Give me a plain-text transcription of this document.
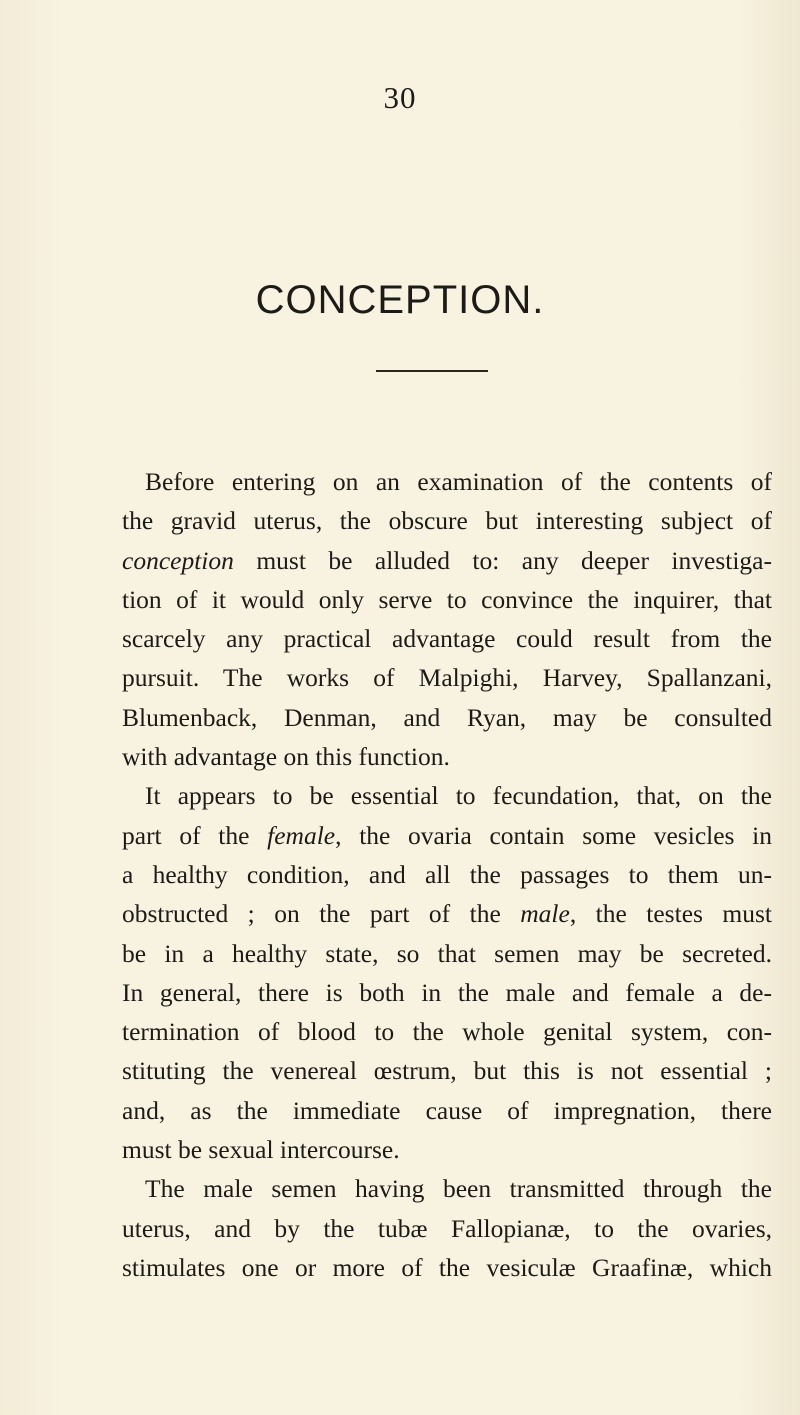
30
CONCEPTION.
Before entering on an examination of the contents of
the gravid uterus, the obscure but interesting subject of
conception must be alluded to: any deeper investiga-
tion of it would only serve to convince the inquirer, that
scarcely any practical advantage could result from the
pursuit. The works of Malpighi, Harvey, Spallanzani,
Blumenback, Denman, and Ryan, may be consulted
with advantage on this function.
It appears to be essential to fecundation, that, on the
part of the female, the ovaria contain some vesicles in
a healthy condition, and all the passages to them un-
obstructed ; on the part of the male, the testes must
be in a healthy state, so that semen may be secreted.
In general, there is both in the male and female a de-
termination of blood to the whole genital system, con-
stituting the venereal œstrum, but this is not essential ;
and, as the immediate cause of impregnation, there
must be sexual intercourse.
The male semen having been transmitted through the
uterus, and by the tubæ Fallopianæ, to the ovaries,
stimulates one or more of the vesiculæ Graafinæ, which
